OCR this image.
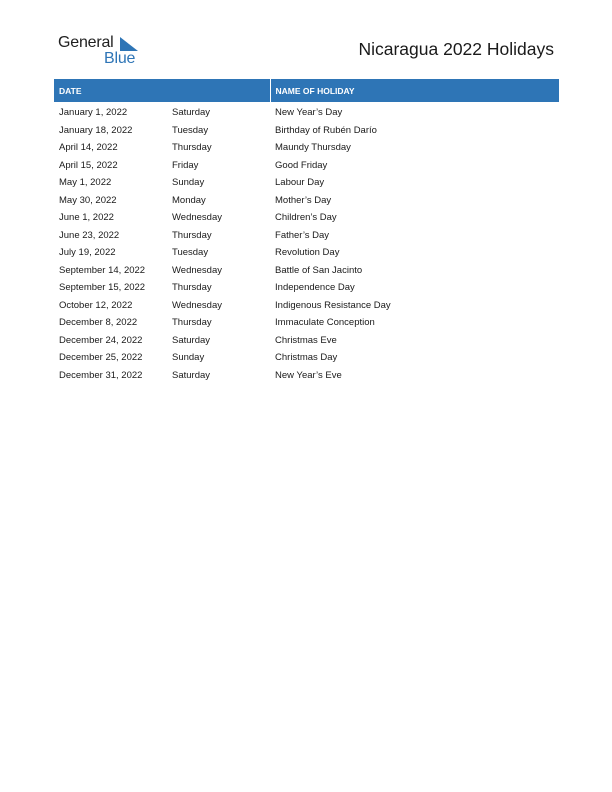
General
Blue	Nicaragua 2022 Holidays
DATE		NAME OF HOLIDAY
January 1, 2022	Saturday	New Year’s Day
January 18, 2022	Tuesday	Birthday of Rubén Darío
April 14, 2022	Thursday	Maundy Thursday
April 15, 2022	Friday	Good Friday
May 1, 2022	Sunday	Labour Day
May 30, 2022	Monday	Mother’s Day
June 1, 2022	Wednesday	Children’s Day
June 23, 2022	Thursday	Father’s Day
July 19, 2022	Tuesday	Revolution Day
September 14, 2022	Wednesday	Battle of San Jacinto
September 15, 2022	Thursday	Independence Day
October 12, 2022	Wednesday	Indigenous Resistance Day
December 8, 2022	Thursday	Immaculate Conception
December 24, 2022	Saturday	Christmas Eve
December 25, 2022	Sunday	Christmas Day
December 31, 2022	Saturday	New Year’s Eve
